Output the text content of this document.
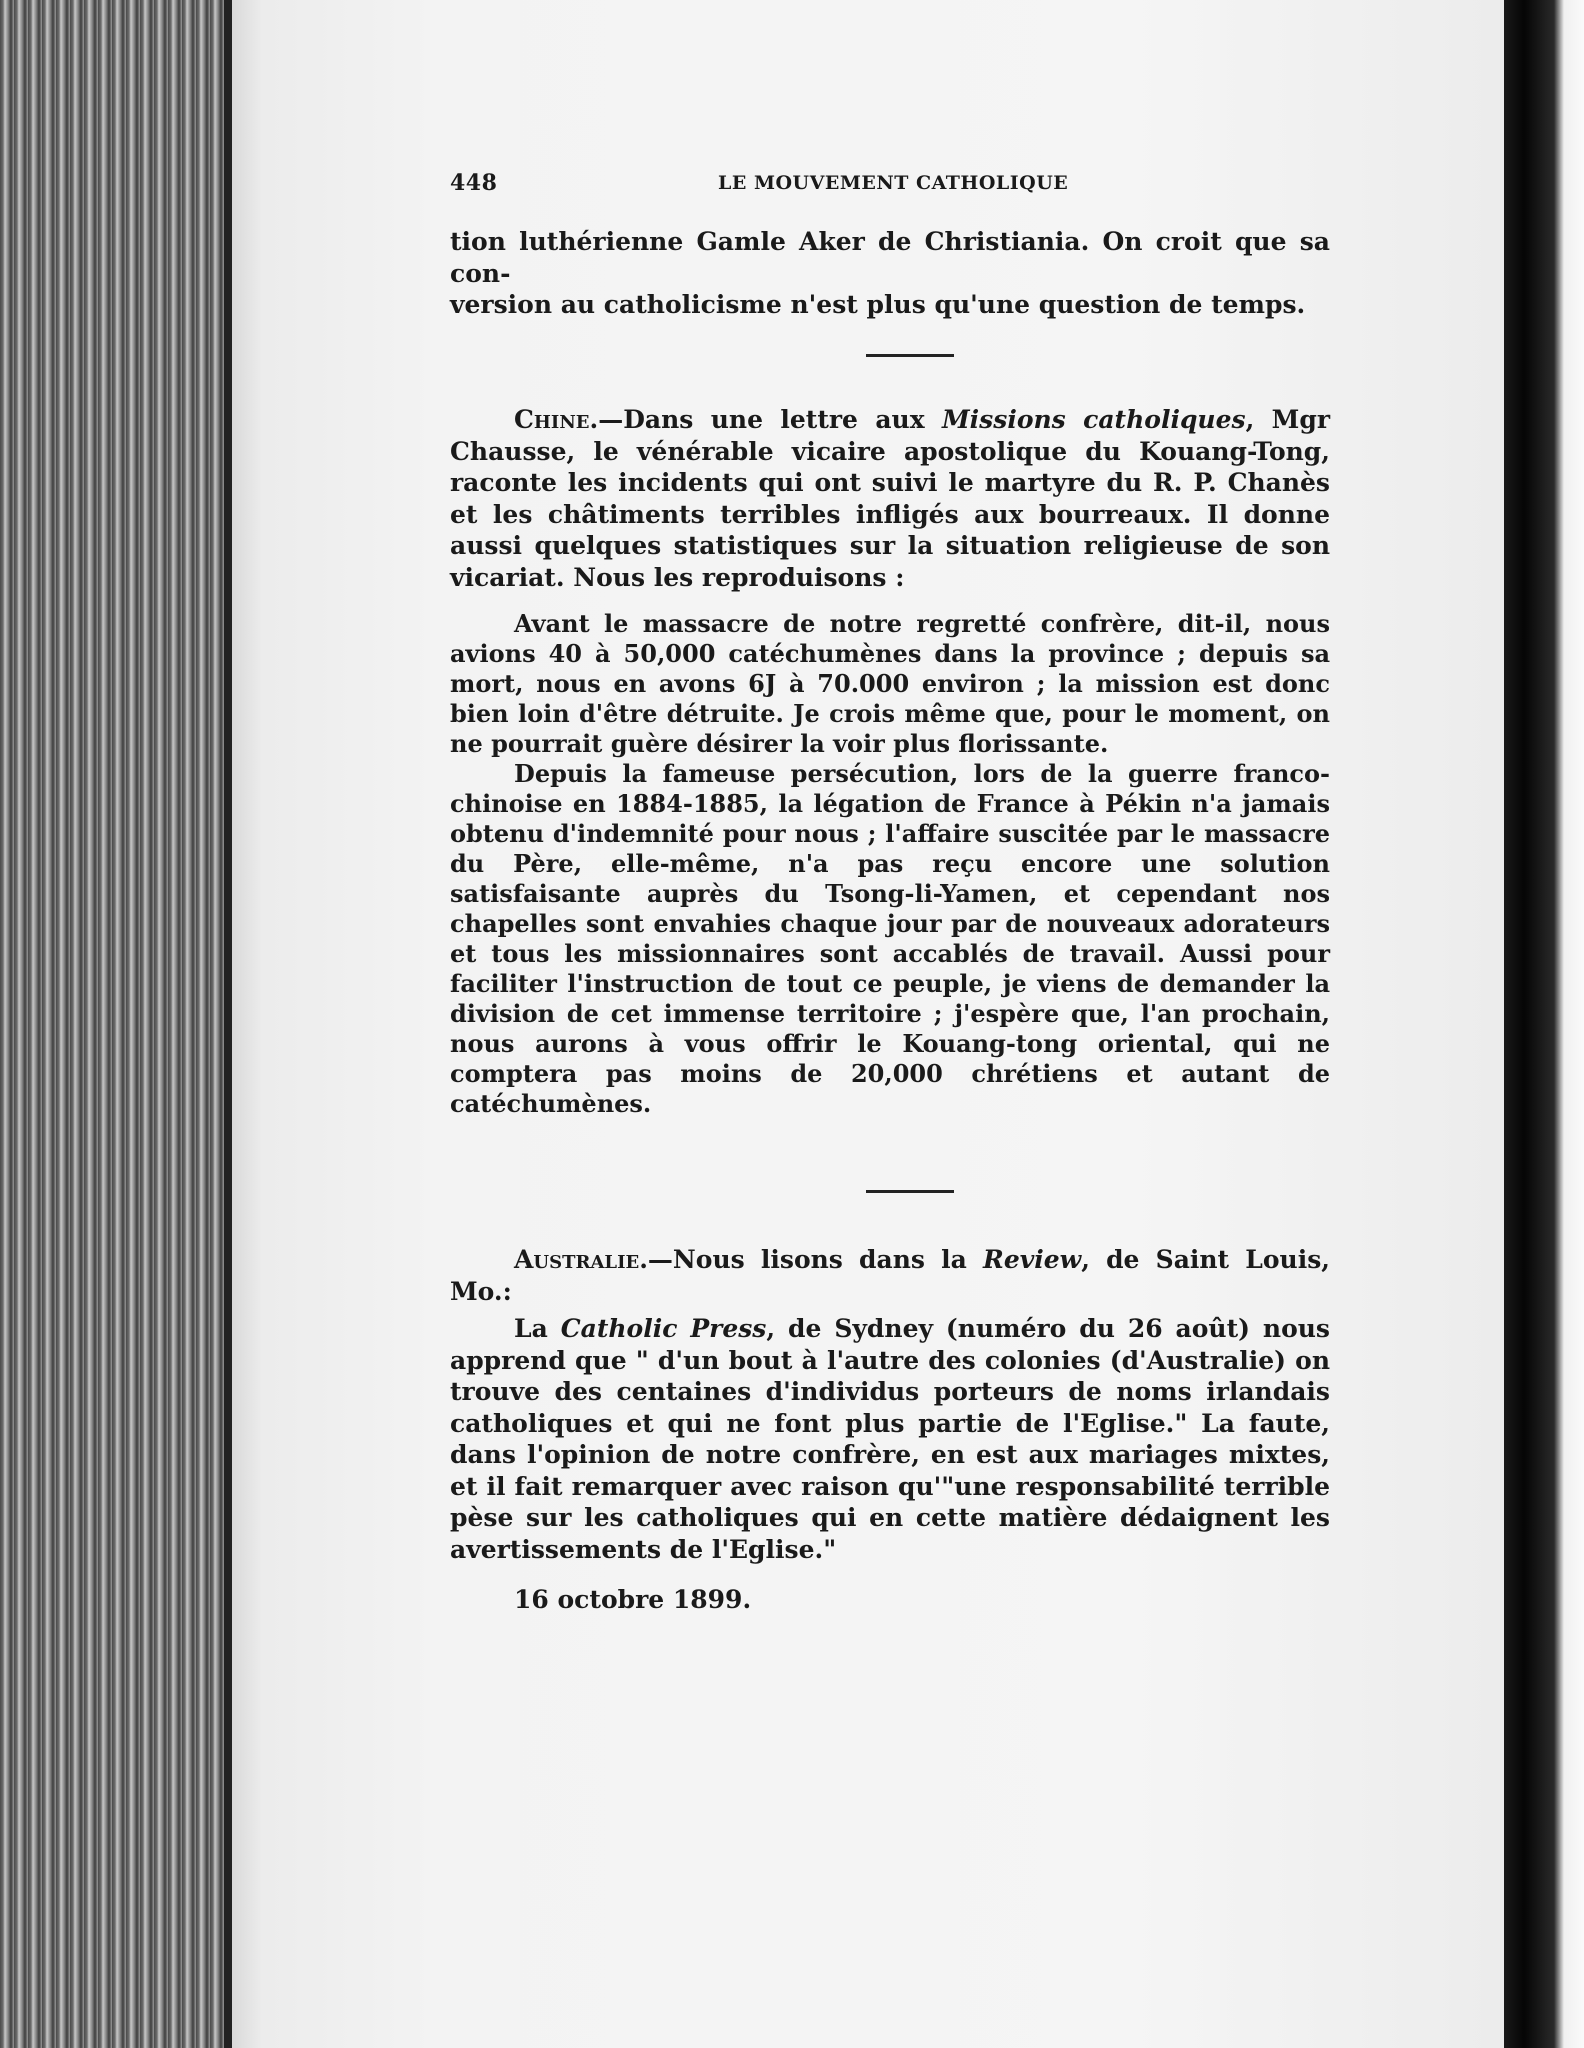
448	LE MOUVEMENT CATHOLIQUE

tion luthérienne Gamle Aker de Christiania. On croit que sa con-
version au catholicisme n'est plus qu'une question de temps.

Chine.—Dans une lettre aux Missions catholiques, Mgr Chausse, le vénérable vicaire apostolique du Kouang-Tong, raconte les incidents qui ont suivi le martyre du R. P. Chanès et les châtiments terribles infligés aux bourreaux. Il donne aussi quelques statistiques sur la situation religieuse de son vicariat. Nous les reproduisons :

Avant le massacre de notre regretté confrère, dit-il, nous avions 40 à 50,000 catéchumènes dans la province ; depuis sa mort, nous en avons 6J à 70.000 environ ; la mission est donc bien loin d'être détruite. Je crois même que, pour le moment, on ne pourrait guère désirer la voir plus florissante.

Depuis la fameuse persécution, lors de la guerre franco-chinoise en 1884-1885, la légation de France à Pékin n'a jamais obtenu d'indemnité pour nous ; l'affaire suscitée par le massacre du Père, elle-même, n'a pas reçu encore une solution satisfaisante auprès du Tsong-li-Yamen, et cependant nos chapelles sont envahies chaque jour par de nouveaux adorateurs et tous les missionnaires sont accablés de travail. Aussi pour faciliter l'instruction de tout ce peuple, je viens de demander la division de cet immense territoire ; j'espère que, l'an prochain, nous aurons à vous offrir le Kouang-tong oriental, qui ne comptera pas moins de 20,000 chrétiens et autant de catéchumènes.

Australie.—Nous lisons dans la Review, de Saint Louis, Mo.:

La Catholic Press, de Sydney (numéro du 26 août) nous apprend que " d'un bout à l'autre des colonies (d'Australie) on trouve des centaines d'individus porteurs de noms irlandais catholiques et qui ne font plus partie de l'Eglise." La faute, dans l'opinion de notre confrère, en est aux mariages mixtes, et il fait remarquer avec raison qu'"une responsabilité terrible pèse sur les catholiques qui en cette matière dédaignent les avertissements de l'Eglise."

16 octobre 1899.
